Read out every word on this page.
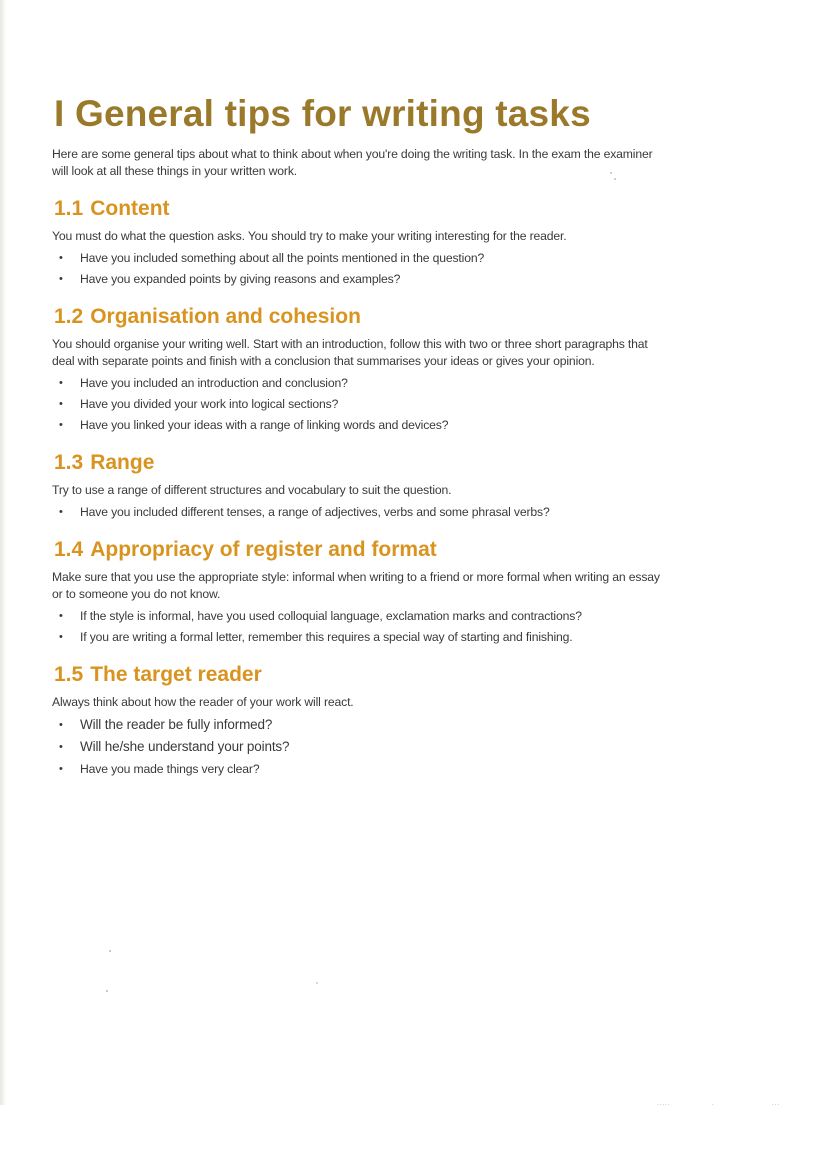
I General tips for writing tasks

Here are some general tips about what to think about when you're doing the writing task. In the exam the examiner will look at all these things in your written work.

1.1 Content

You must do what the question asks. You should try to make your writing interesting for the reader.

• Have you included something about all the points mentioned in the question?
• Have you expanded points by giving reasons and examples?
1.2 Organisation and cohesion

You should organise your writing well. Start with an introduction, follow this with two or three short paragraphs that deal with separate points and finish with a conclusion that summarises your ideas or gives your opinion.

• Have you included an introduction and conclusion?
• Have you divided your work into logical sections?
• Have you linked your ideas with a range of linking words and devices?
1.3 Range

Try to use a range of different structures and vocabulary to suit the question.

• Have you included different tenses, a range of adjectives, verbs and some phrasal verbs?
1.4 Appropriacy of register and format

Make sure that you use the appropriate style: informal when writing to a friend or more formal when writing an essay or to someone you do not know.

• If the style is informal, have you used colloquial language, exclamation marks and contractions?
• If you are writing a formal letter, remember this requires a special way of starting and finishing.
1.5 The target reader

Always think about how the reader of your work will react.

• Will the reader be fully informed?
• Will he/she understand your points?
• Have you made things very clear?
.....	.	...
